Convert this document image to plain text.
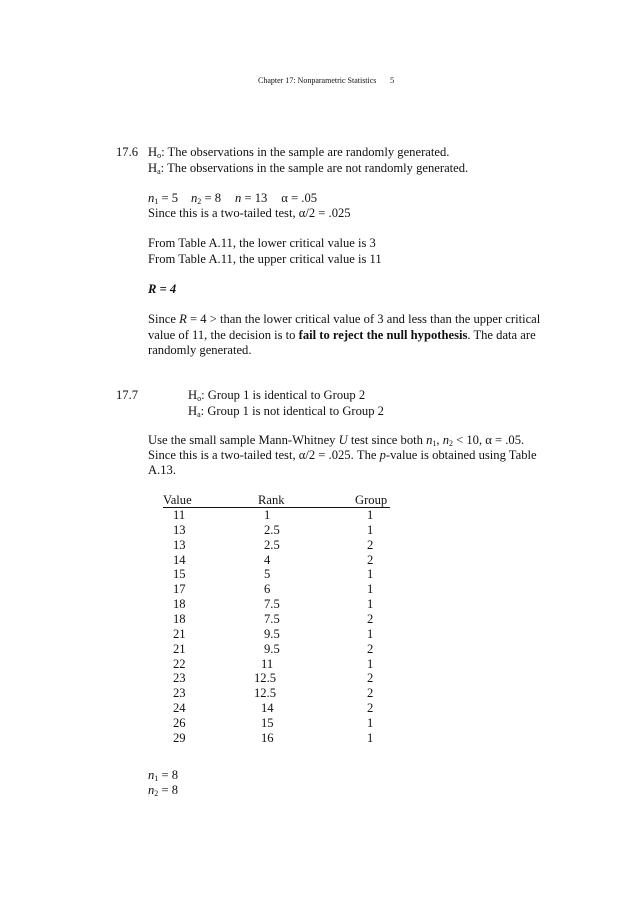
Chapter 17: Nonparametric Statistics 5
17.6 $H_o$: The observations in the sample are randomly generated.
$H_a$: The observations in the sample are not randomly generated.
$n_1 = 5$ $n_2 = 8$ n = 13 α = .05
Since this is a two-tailed test, α/2 = .025
From Table A.11, the lower critical value is 3
From Table A.11, the upper critical value is 11
R = 4
Since R = 4 > than the lower critical value of 3 and less than the upper critical
value of 11, the decision is to fail to reject the null hypothesis. The data are
randomly generated.
17.7	$H_o$: Group 1 is identical to Group 2
$H_a$: Group 1 is not identical to Group 2
Use the small sample Mann-Whitney U test since both $n_1$, $n_2 < 10$, α = .05.
Since this is a two-tailed test, α/2 = .025. The p-value is obtained using Table
A.13.
Value	Rank	Group
11	1	1
13	2.5	1
13	2.5	2
14	4	2
15	5	1
17	6	1
18	7.5	1
18	7.5	2
21	9.5	1
21	9.5	2
22	11	1
23	12.5	2
23	12.5	2
24	14	2
26	15	1
29	16	1
$n_1 = 8$
$n_2 = 8$
